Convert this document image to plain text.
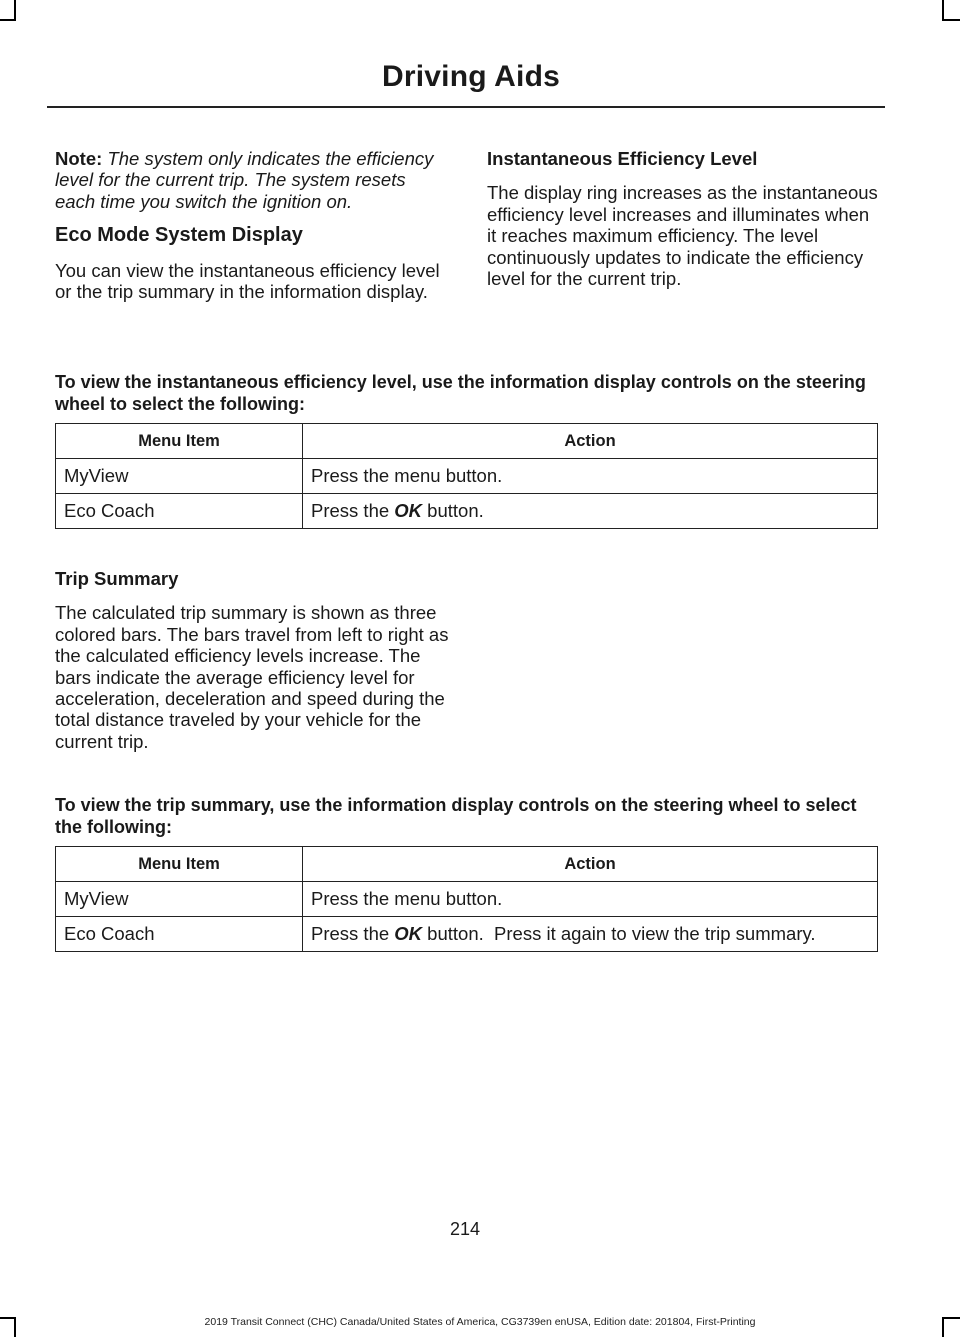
Driving Aids

Note: The system only indicates the efficiency level for the current trip. The system resets each time you switch the ignition on.

Eco Mode System Display

You can view the instantaneous efficiency level or the trip summary in the information display.

Instantaneous Efficiency Level

The display ring increases as the instantaneous efficiency level increases and illuminates when it reaches maximum efficiency. The level continuously updates to indicate the efficiency level for the current trip.

To view the instantaneous efficiency level, use the information display controls on the steering wheel to select the following:
Menu Item	Action
MyView	Press the menu button.
Eco Coach	Press the OK button.

Trip Summary

The calculated trip summary is shown as three colored bars. The bars travel from left to right as the calculated efficiency levels increase. The bars indicate the average efficiency level for acceleration, deceleration and speed during the total distance traveled by your vehicle for the current trip.

To view the trip summary, use the information display controls on the steering wheel to select the following:
Menu Item	Action
MyView	Press the menu button.
Eco Coach	Press the OK button.  Press it again to view the trip summary.
214
2019 Transit Connect (CHC) Canada/United States of America, CG3739en enUSA, Edition date: 201804, First-Printing
